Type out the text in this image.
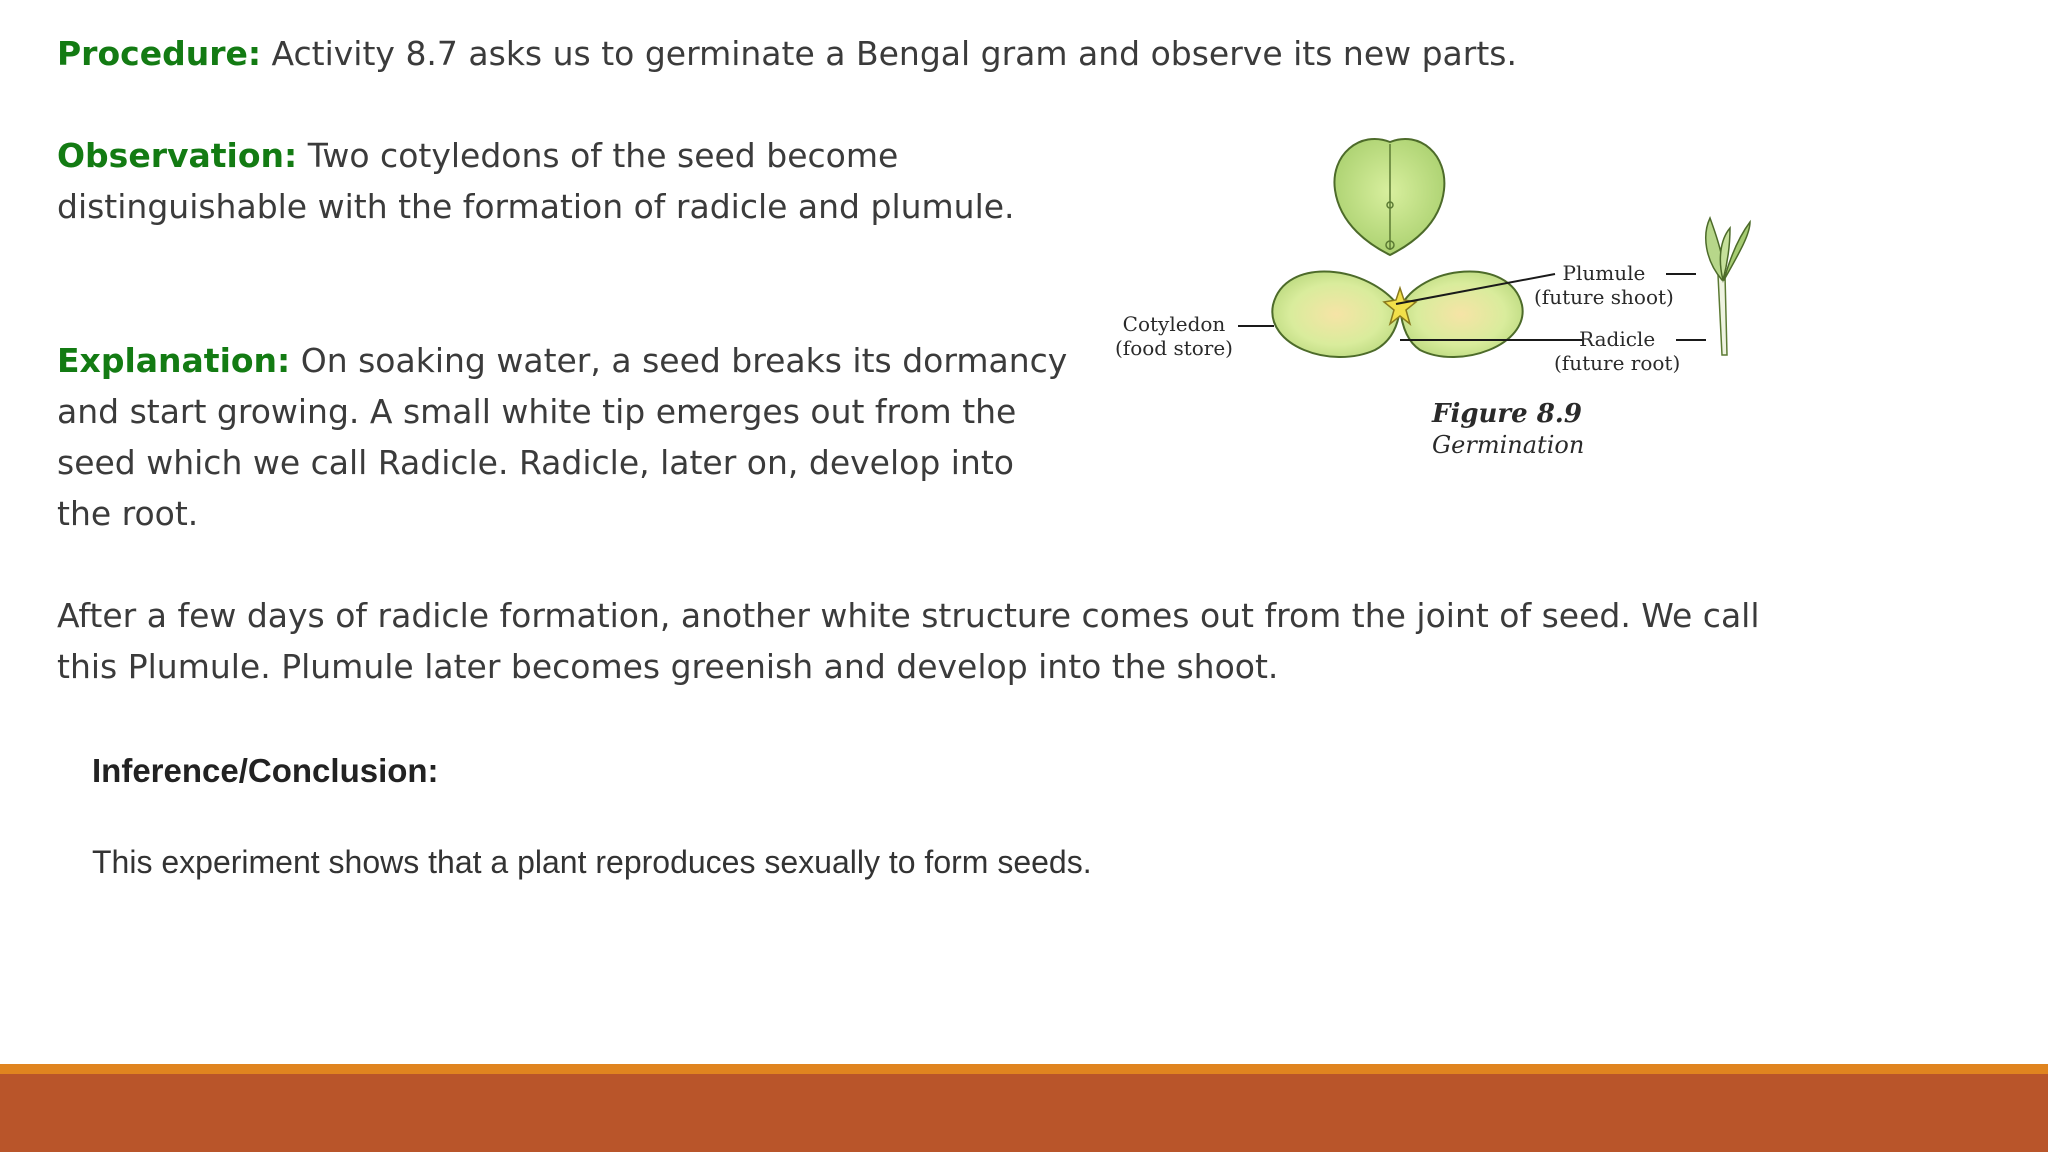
Procedure: Activity 8.7 asks us to germinate a Bengal gram and observe its new parts.

Observation: Two cotyledons of the seed become distinguishable with the formation of radicle and plumule.

Explanation: On soaking water, a seed breaks its dormancy and start growing. A small white tip emerges out from the seed which we call Radicle. Radicle, later on, develop into the root.

After a few days of radicle formation, another white structure comes out from the joint of seed. We call this Plumule. Plumule later becomes greenish and develop into the shoot.

Cotyledon
(food store)
Plumule
(future shoot)
Radicle
(future root)
Figure 8.9
Germination

Inference/Conclusion:

This experiment shows that a plant reproduces sexually to form seeds.
